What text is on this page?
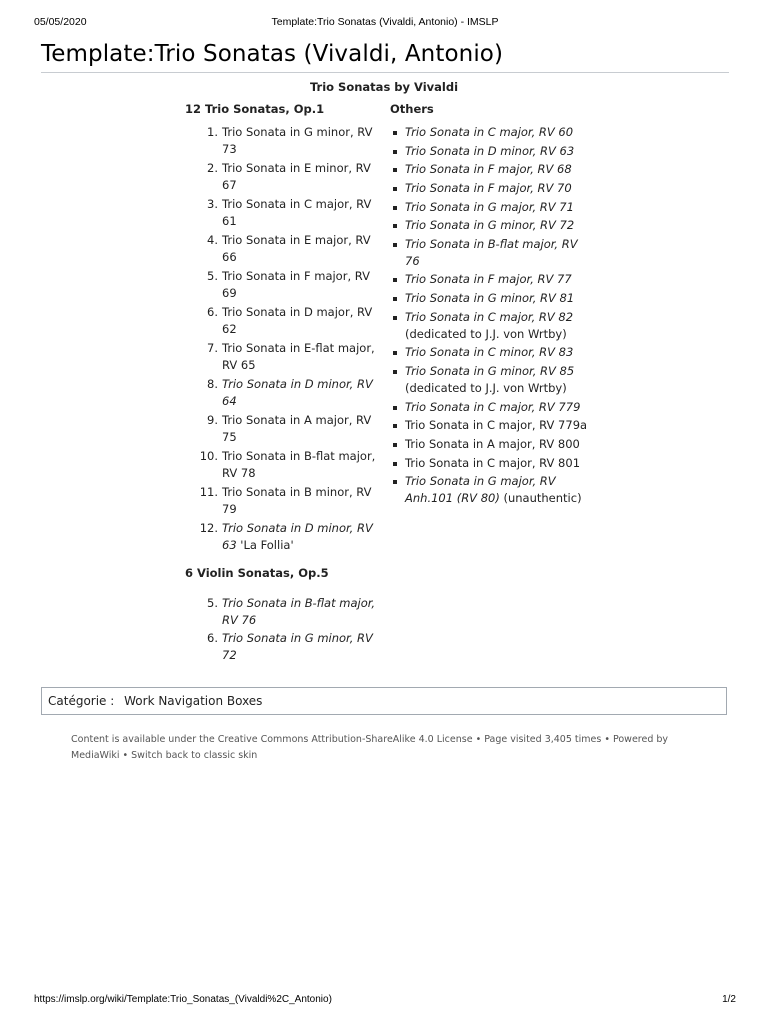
05/05/2020	Template:Trio Sonatas (Vivaldi, Antonio) - IMSLP
Template:Trio Sonatas (Vivaldi, Antonio)
Trio Sonatas by Vivaldi
12 Trio Sonatas, Op.1
1. Trio Sonata in G minor, RV 73
2. Trio Sonata in E minor, RV 67
3. Trio Sonata in C major, RV 61
4. Trio Sonata in E major, RV 66
5. Trio Sonata in F major, RV 69
6. Trio Sonata in D major, RV 62
7. Trio Sonata in E-flat major, RV 65
8. Trio Sonata in D minor, RV 64
9. Trio Sonata in A major, RV 75
10. Trio Sonata in B-flat major, RV 78
11. Trio Sonata in B minor, RV 79
12. Trio Sonata in D minor, RV 63 'La Follia'
6 Violin Sonatas, Op.5
5. Trio Sonata in B-flat major, RV 76
6. Trio Sonata in G minor, RV 72
Others
Trio Sonata in C major, RV 60
Trio Sonata in D minor, RV 63
Trio Sonata in F major, RV 68
Trio Sonata in F major, RV 70
Trio Sonata in G major, RV 71
Trio Sonata in G minor, RV 72
Trio Sonata in B-flat major, RV 76
Trio Sonata in F major, RV 77
Trio Sonata in G minor, RV 81
Trio Sonata in C major, RV 82 (dedicated to J.J. von Wrtby)
Trio Sonata in C minor, RV 83
Trio Sonata in G minor, RV 85 (dedicated to J.J. von Wrtby)
Trio Sonata in C major, RV 779
Trio Sonata in C major, RV 779a
Trio Sonata in A major, RV 800
Trio Sonata in C major, RV 801
Trio Sonata in G major, RV Anh.101 (RV 80) (unauthentic)
Catégorie : Work Navigation Boxes
Content is available under the Creative Commons Attribution-ShareAlike 4.0 License • Page visited 3,405 times • Powered by MediaWiki • Switch back to classic skin
https://imslp.org/wiki/Template:Trio_Sonatas_(Vivaldi%2C_Antonio)	1/2
